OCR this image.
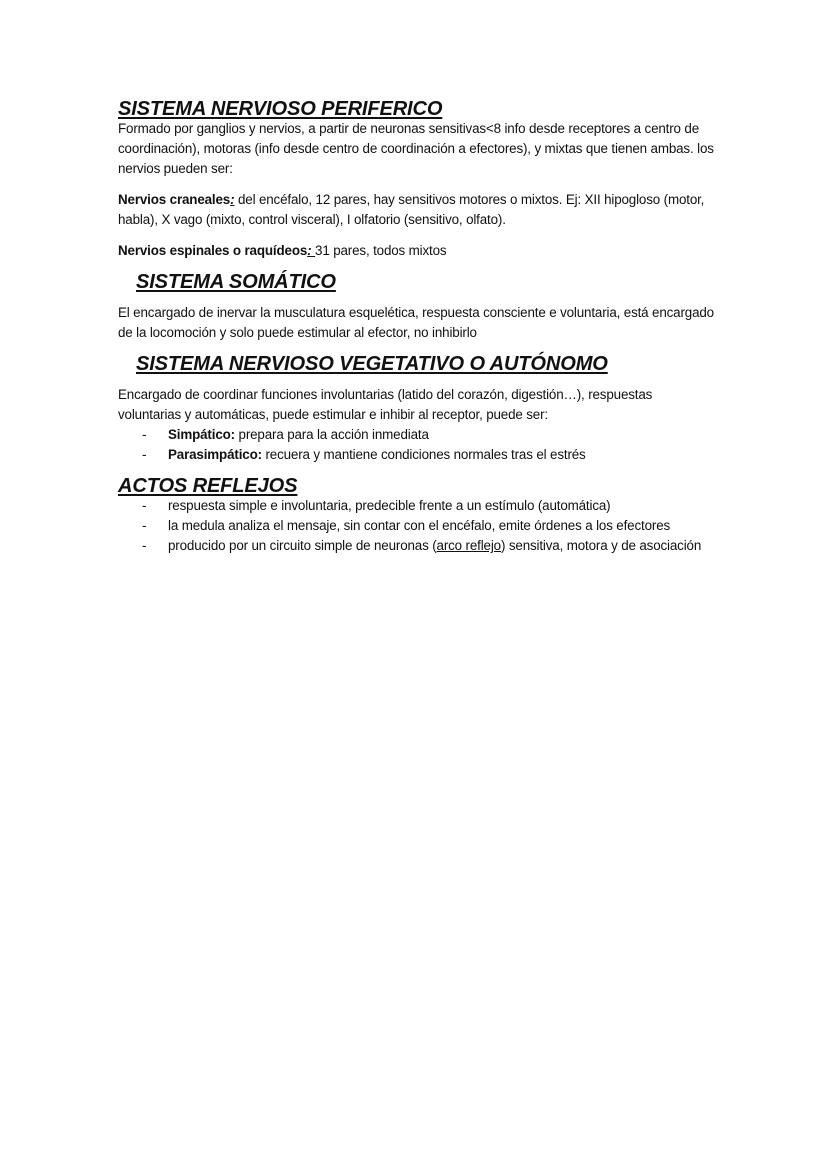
SISTEMA NERVIOSO PERIFERICO

Formado por ganglios y nervios, a partir de neuronas sensitivas<8 info desde receptores a centro de coordinación), motoras (info desde centro de coordinación a efectores), y mixtas que tienen ambas. los nervios pueden ser:

Nervios craneales: del encéfalo, 12 pares, hay sensitivos motores o mixtos. Ej: XII hipogloso (motor, habla), X vago (mixto, control visceral), I olfatorio (sensitivo, olfato).

Nervios espinales o raquídeos: 31 pares, todos mixtos

SISTEMA SOMÁTICO

El encargado de inervar la musculatura esquelética, respuesta consciente e voluntaria, está encargado de la locomoción y solo puede estimular al efector, no inhibirlo

SISTEMA NERVIOSO VEGETATIVO O AUTÓNOMO

Encargado de coordinar funciones involuntarias (latido del corazón, digestión…), respuestas voluntarias y automáticas, puede estimular e inhibir al receptor, puede ser:

- Simpático: prepara para la acción inmediata
- Parasimpático: recuera y mantiene condiciones normales tras el estrés
ACTOS REFLEJOS
- respuesta simple e involuntaria, predecible frente a un estímulo (automática)
- la medula analiza el mensaje, sin contar con el encéfalo, emite órdenes a los efectores
- producido por un circuito simple de neuronas (arco reflejo) sensitiva, motora y de asociación
